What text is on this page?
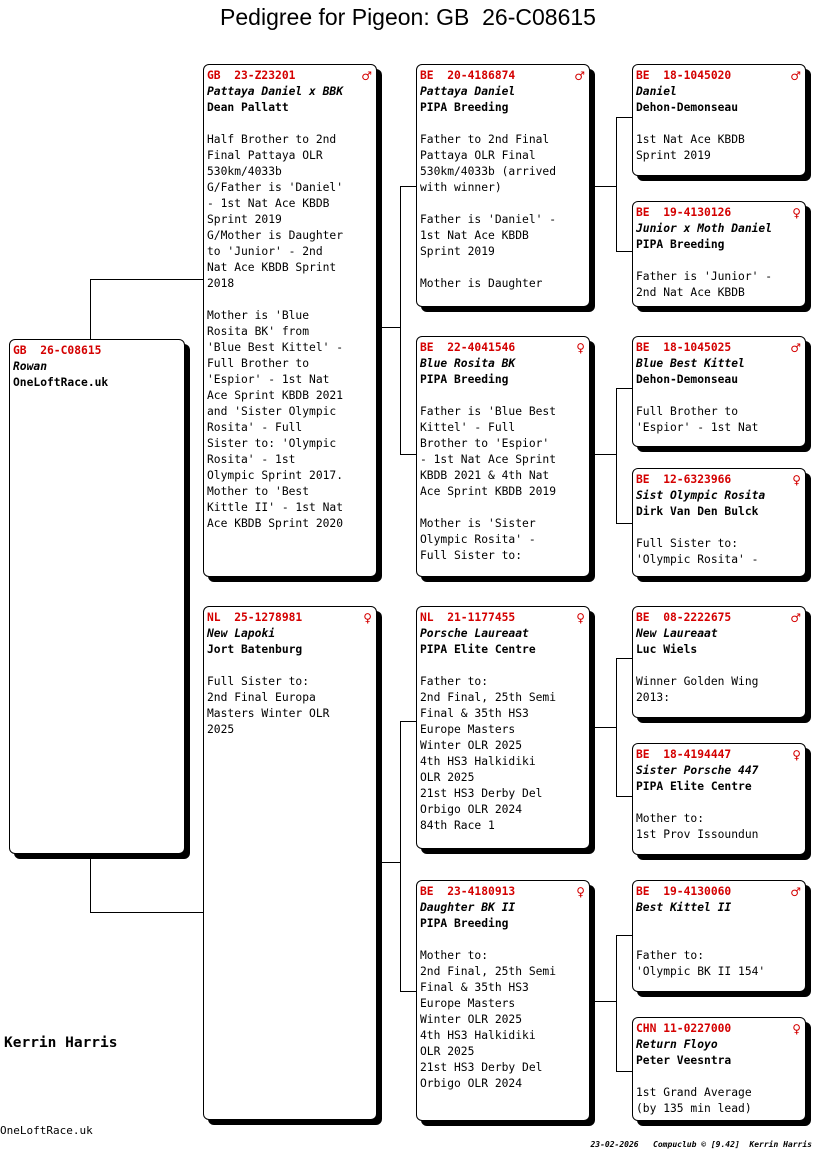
Pedigree for Pigeon: GB  26-C08615
GB  26-C08615
Rowan
OneLoftRace.uk
GB  23-Z23201	♂
Pattaya Daniel x BBK
Dean Pallatt
Half Brother to 2nd
Final Pattaya OLR
530km/4033b
G/Father is 'Daniel'
- 1st Nat Ace KBDB
Sprint 2019
G/Mother is Daughter
to 'Junior' - 2nd
Nat Ace KBDB Sprint
2018

Mother is 'Blue
Rosita BK' from
'Blue Best Kittel' -
Full Brother to
'Espior' - 1st Nat
Ace Sprint KBDB 2021
and 'Sister Olympic
Rosita' - Full
Sister to: 'Olympic
Rosita' - 1st
Olympic Sprint 2017.
Mother to 'Best
Kittle II' - 1st Nat
Ace KBDB Sprint 2020
NL  25-1278981	♀
New Lapoki
Jort Batenburg
Full Sister to:
2nd Final Europa
Masters Winter OLR
2025
BE  20-4186874	♂
Pattaya Daniel
PIPA Breeding
Father to 2nd Final
Pattaya OLR Final
530km/4033b (arrived
with winner)

Father is 'Daniel' -
1st Nat Ace KBDB
Sprint 2019

Mother is Daughter
BE  22-4041546	♀
Blue Rosita BK
PIPA Breeding
Father is 'Blue Best
Kittel' - Full
Brother to 'Espior'
- 1st Nat Ace Sprint
KBDB 2021 & 4th Nat
Ace Sprint KBDB 2019

Mother is 'Sister
Olympic Rosita' -
Full Sister to:
NL  21-1177455	♀
Porsche Laureaat
PIPA Elite Centre
Father to:
2nd Final, 25th Semi
Final & 35th HS3
Europe Masters
Winter OLR 2025
4th HS3 Halkidiki
OLR 2025
21st HS3 Derby Del
Orbigo OLR 2024
84th Race 1
BE  23-4180913	♀
Daughter BK II
PIPA Breeding
Mother to:
2nd Final, 25th Semi
Final & 35th HS3
Europe Masters
Winter OLR 2025
4th HS3 Halkidiki
OLR 2025
21st HS3 Derby Del
Orbigo OLR 2024
BE  18-1045020	♂
Daniel
Dehon-Demonseau
1st Nat Ace KBDB
Sprint 2019
BE  19-4130126	♀
Junior x Moth Daniel
PIPA Breeding
Father is 'Junior' -
2nd Nat Ace KBDB
BE  18-1045025	♂
Blue Best Kittel
Dehon-Demonseau
Full Brother to
'Espior' - 1st Nat
BE  12-6323966	♀
Sist Olympic Rosita
Dirk Van Den Bulck
Full Sister to:
'Olympic Rosita' -
BE  08-2222675	♂
New Laureaat
Luc Wiels
Winner Golden Wing
2013:
BE  18-4194447	♀
Sister Porsche 447
PIPA Elite Centre
Mother to:
1st Prov Issoundun
BE  19-4130060	♂
Best Kittel II
Father to:
'Olympic BK II 154'
CHN 11-0227000	♀
Return Floyo
Peter Veesntra
1st Grand Average
(by 135 min lead)
Kerrin Harris
OneLoftRace.uk
23-02-2026   Compuclub © [9.42]  Kerrin Harris
